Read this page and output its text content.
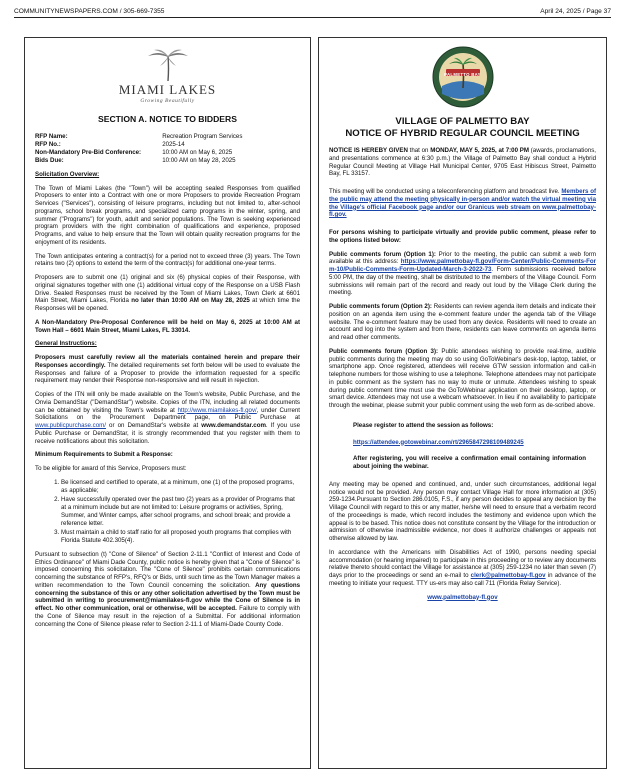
COMMUNITYNEWSPAPERS.COM / 305-669-7355	April 24, 2025 / Page 37
MIAMI LAKES
Growing Beautifully
SECTION A. NOTICE TO BIDDERS
RFP Name:	Recreation Program Services
RFP No.:	2025-14
Non-Mandatory Pre-Bid Conference:	10:00 AM on May 6, 2025
Bids Due:	10:00 AM on May 28, 2025

Solicitation Overview:

The Town of Miami Lakes (the "Town") will be accepting sealed Responses from qualified Proposers to enter into a Contract with one or more Proposers to provide Recreation Program Services ("Services"), consisting of leisure programs, including but not limited to, after-school programs, school break programs, and specialized camp programs in the winter, spring, and summer ("Programs") for youth, adult and senior populations. The Town is seeking experienced program providers with the right combination of qualifications and experience, proposed Programs, and value to help ensure that the Town will obtain quality recreation programs for the enjoyment of its residents.

The Town anticipates entering a contract(s) for a period not to exceed three (3) years. The Town retains two (2) options to extend the term of the contract(s) for additional one-year terms.

Proposers are to submit one (1) original and six (6) physical copies of their Response, with original signatures together with one (1) additional virtual copy of the Response on a USB Flash Drive. Sealed Responses must be received by the Town of Miami Lakes, Town Clerk at 6601 Main Street, Miami Lakes, Florida no later than 10:00 AM on May 28, 2025 at which time the Responses will be opened.

A Non-Mandatory Pre-Proposal Conference will be held on May 6, 2025 at 10:00 AM at Town Hall – 6601 Main Street, Miami Lakes, FL 33014.

General Instructions:

Proposers must carefully review all the materials contained herein and prepare their Responses accordingly. The detailed requirements set forth below will be used to evaluate the Responses and failure of a Proposer to provide the information requested for a specific requirement may render their Response non-responsive and will result in rejection.

Copies of the ITN will only be made available on the Town's website, Public Purchase, and the Onvia DemandStar ("DemandStar") website. Copies of the ITN, including all related documents can be obtained by visiting the Town's website at http://www.miamilakes-fl.gov/, under Current Solicitations on the Procurement Department page, on Public Purchase at www.publicpurchase.com/ or on DemandStar's website at www.demandstar.com. If you use Public Purchase or DemandStar, it is strongly recommended that you register with them to receive notifications about this solicitation.

Minimum Requirements to Submit a Response:

To be eligible for award of this Service, Proposers must:

1. Be licensed and certified to operate, at a minimum, one (1) of the proposed programs, as applicable;
2. Have successfully operated over the past two (2) years as a provider of Programs that at a minimum include but are not limited to: Leisure programs or activities, Spring, Summer, and Winter camps, after school programs, and school break; and provide a reference letter.
3. Must maintain a child to staff ratio for all proposed youth programs that complies with Florida Statute 402.305(4).

Pursuant to subsection (t) "Cone of Silence" of Section 2-11.1 "Conflict of Interest and Code of Ethics Ordinance" of Miami Dade County, public notice is hereby given that a "Cone of Silence" is imposed concerning this solicitation. The "Cone of Silence" prohibits certain communications concerning the substance of RFP's, RFQ's or Bids, until such time as the Town Manager makes a written recommendation to the Town Council concerning the solicitation. Any questions concerning the substance of this or any other solicitation advertised by the Town must be submitted in writing to procurement@miamilakes-fl.gov while the Cone of Silence is in effect. No other communication, oral or otherwise, will be accepted. Failure to comply with the Cone of Silence may result in the rejection of a Submittal. For additional information concerning the Cone of Silence please refer to Section 2-11.1 of Miami-Dade County Code.

PALMETTO BAY
VILLAGE OF PALMETTO BAY
NOTICE OF HYBRID REGULAR COUNCIL MEETING

NOTICE IS HEREBY GIVEN that on MONDAY, MAY 5, 2025, at 7:00 PM (awards, proclamations, and presentations commence at 6:30 p.m.) the Village of Palmetto Bay shall conduct a Hybrid Regular Council Meeting at Village Hall Municipal Center, 9705 East Hibiscus Street, Palmetto Bay, FL 33157.

This meeting will be conducted using a teleconferencing platform and broadcast live. Members of the public may attend the meeting physically in-person and/or watch the virtual meeting via the Village's official Facebook page and/or our Granicus web stream on www.palmettobay-fl.gov.

For persons wishing to participate virtually and provide public comment, please refer to the options listed below:

Public comments forum (Option 1): Prior to the meeting, the public can submit a web form available at this address: https://www.palmettobay-fl.gov/Form-Center/Public-Comments-Form-10/Public-Comments-Form-Updated-March-3-2022-73. Form submissions received before 5:00 PM, the day of the meeting, shall be distributed to the members of the Village Council. Form submissions will remain part of the record and ready out loud by the Village Clerk during the meeting.

Public comments forum (Option 2): Residents can review agenda item details and indicate their position on an agenda item using the e-comment feature under the agenda tab of the Village website. The e-comment feature may be used from any device. Residents will need to create an account and log into the system and from there, residents can leave comments on agenda items and read other comments.

Public comments forum (Option 3): Public attendees wishing to provide real-time, audible public comments during the meeting may do so using GoToWebinar's desk-top, laptop, tablet, or smartphone app. Once registered, attendees will receive GTW session information and call-in telephone numbers for those wishing to use a telephone. Telephone attendees may not participate in public comment as the system has no way to mute or unmute. Attendees wishing to speak during public comment time must use the GoToWebinar application on their desktop, laptop, or smart device. Attendees may not use a webcam whatsoever. In lieu if no availability to participate through the webinar, please submit your public comment using the web form as de-scribed above.

Please register to attend the session as follows:

https://attendee.gotowebinar.com/rt/2965847298109489245

After registering, you will receive a confirmation email containing information about joining the webinar.

Any meeting may be opened and continued, and, under such circumstances, additional legal notice would not be provided. Any person may contact Village Hall for more information at (305) 259-1234.Pursuant to Section 286.0105, F.S., if any person decides to appeal any decision by the Village Council with regard to this or any matter, he/she will need to ensure that a verbatim record of the proceedings is made, which record includes the testimony and evidence upon which the appeal is to be based. This notice does not constitute consent by the Village for the introduction or admission of otherwise inadmissible evidence, nor does it authorize challenges or appeals not otherwise allowed by law.

In accordance with the Americans with Disabilities Act of 1990, persons needing special accommodation (or hearing impaired) to participate in this proceeding or to review any documents relative thereto should contact the Village for assistance at (305) 259-1234 no later than seven (7) days prior to the proceedings or send an e-mail to clerk@palmettobay-fl.gov in advance of the meeting to initiate your request. TTY us-ers may also call 711 (Florida Relay Service).

www.palmettobay-fl.gov
